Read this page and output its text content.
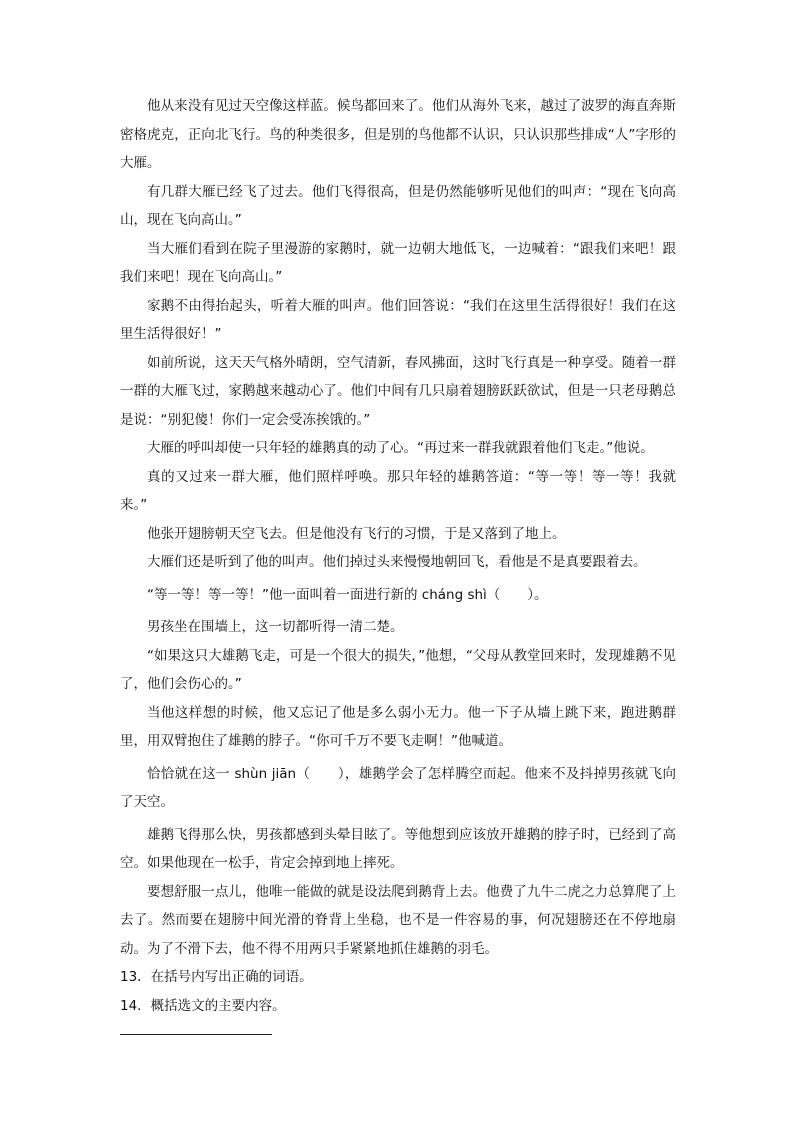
他从来没有见过天空像这样蓝。候鸟都回来了。他们从海外飞来，越过了波罗的海直奔斯密格虎克，正向北飞行。鸟的种类很多，但是别的鸟他都不认识，只认识那些排成“人”字形的大雁。

有几群大雁已经飞了过去。他们飞得很高，但是仍然能够听见他们的叫声：“现在飞向高山，现在飞向高山。”

当大雁们看到在院子里漫游的家鹅时，就一边朝大地低飞，一边喊着：“跟我们来吧！跟我们来吧！现在飞向高山。”

家鹅不由得抬起头，听着大雁的叫声。他们回答说：“我们在这里生活得很好！我们在这里生活得很好！”

如前所说，这天天气格外晴朗，空气清新，春风拂面，这时飞行真是一种享受。随着一群一群的大雁飞过，家鹅越来越动心了。他们中间有几只扇着翅膀跃跃欲试，但是一只老母鹅总是说：“别犯傻！你们一定会受冻挨饿的。”

大雁的呼叫却使一只年轻的雄鹅真的动了心。“再过来一群我就跟着他们飞走。”他说。

真的又过来一群大雁，他们照样呼唤。那只年轻的雄鹅答道：“等一等！等一等！我就来。”

他张开翅膀朝天空飞去。但是他没有飞行的习惯，于是又落到了地上。

大雁们还是听到了他的叫声。他们掉过头来慢慢地朝回飞，看他是不是真要跟着去。

“等一等！等一等！”他一面叫着一面进行新的 cháng shì（　　）。

男孩坐在围墙上，这一切都听得一清二楚。

“如果这只大雄鹅飞走，可是一个很大的损失，”他想，“父母从教堂回来时，发现雄鹅不见了，他们会伤心的。”

当他这样想的时候，他又忘记了他是多么弱小无力。他一下子从墙上跳下来，跑进鹅群里，用双臂抱住了雄鹅的脖子。“你可千万不要飞走啊！”他喊道。

恰恰就在这一 shùn jiān（　　），雄鹅学会了怎样腾空而起。他来不及抖掉男孩就飞向了天空。

雄鹅飞得那么快，男孩都感到头晕目眩了。等他想到应该放开雄鹅的脖子时，已经到了高空。如果他现在一松手，肯定会掉到地上摔死。

要想舒服一点儿，他唯一能做的就是设法爬到鹅背上去。他费了九牛二虎之力总算爬了上去了。然而要在翅膀中间光滑的脊背上坐稳，也不是一件容易的事，何况翅膀还在不停地扇动。为了不滑下去，他不得不用两只手紧紧地抓住雄鹅的羽毛。

13．在括号内写出正确的词语。

14．概括选文的主要内容。
